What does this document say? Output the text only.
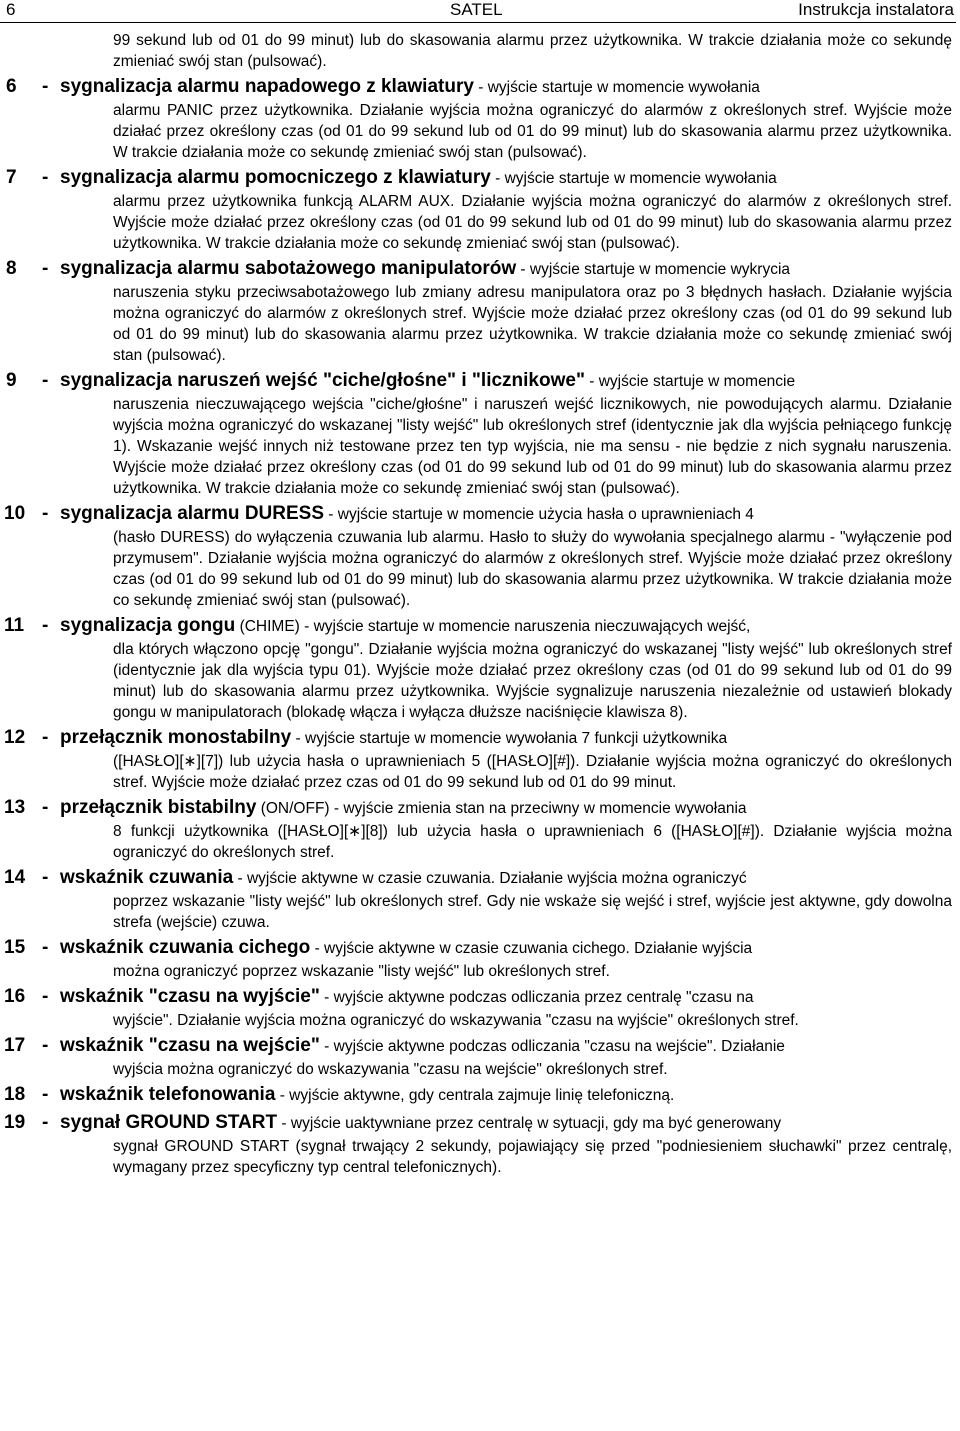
6	SATEL	Instrukcja instalatora
99 sekund lub od 01 do 99 minut) lub do skasowania alarmu przez użytkownika. W trakcie działania może co sekundę zmieniać swój stan (pulsować).
6	- sygnalizacja alarmu napadowego z klawiatury - wyjście startuje w momencie wywołania
alarmu PANIC przez użytkownika. Działanie wyjścia można ograniczyć do alarmów z określonych stref. Wyjście może działać przez określony czas (od 01 do 99 sekund lub od 01 do 99 minut) lub do skasowania alarmu przez użytkownika. W trakcie działania może co sekundę zmieniać swój stan (pulsować).
7	- sygnalizacja alarmu pomocniczego z klawiatury - wyjście startuje w momencie wywołania
alarmu przez użytkownika funkcją ALARM AUX. Działanie wyjścia można ograniczyć do alarmów z określonych stref. Wyjście może działać przez określony czas (od 01 do 99 sekund lub od 01 do 99 minut) lub do skasowania alarmu przez użytkownika. W trakcie działania może co sekundę zmieniać swój stan (pulsować).
8	- sygnalizacja alarmu sabotażowego manipulatorów - wyjście startuje w momencie wykrycia
naruszenia styku przeciwsabotażowego lub zmiany adresu manipulatora oraz po 3 błędnych hasłach. Działanie wyjścia można ograniczyć do alarmów z określonych stref. Wyjście może działać przez określony czas (od 01 do 99 sekund lub od 01 do 99 minut) lub do skasowania alarmu przez użytkownika. W trakcie działania może co sekundę zmieniać swój stan (pulsować).
9	- sygnalizacja naruszeń wejść "ciche/głośne" i "licznikowe" - wyjście startuje w momencie
naruszenia nieczuwającego wejścia "ciche/głośne" i naruszeń wejść licznikowych, nie powodujących alarmu. Działanie wyjścia można ograniczyć do wskazanej "listy wejść" lub określonych stref (identycznie jak dla wyjścia pełniącego funkcję 1). Wskazanie wejść innych niż testowane przez ten typ wyjścia, nie ma sensu - nie będzie z nich sygnału naruszenia. Wyjście może działać przez określony czas (od 01 do 99 sekund lub od 01 do 99 minut) lub do skasowania alarmu przez użytkownika. W trakcie działania może co sekundę zmieniać swój stan (pulsować).
10 - sygnalizacja alarmu DURESS - wyjście startuje w momencie użycia hasła o uprawnieniach 4
(hasło DURESS) do wyłączenia czuwania lub alarmu. Hasło to służy do wywołania specjalnego alarmu - "wyłączenie pod przymusem". Działanie wyjścia można ograniczyć do alarmów z określonych stref. Wyjście może działać przez określony czas (od 01 do 99 sekund lub od 01 do 99 minut) lub do skasowania alarmu przez użytkownika. W trakcie działania może co sekundę zmieniać swój stan (pulsować).
11 - sygnalizacja gongu (CHIME) - wyjście startuje w momencie naruszenia nieczuwających wejść,
dla których włączono opcję "gongu". Działanie wyjścia można ograniczyć do wskazanej "listy wejść" lub określonych stref (identycznie jak dla wyjścia typu 01). Wyjście może działać przez określony czas (od 01 do 99 sekund lub od 01 do 99 minut) lub do skasowania alarmu przez użytkownika. Wyjście sygnalizuje naruszenia niezależnie od ustawień blokady gongu w manipulatorach (blokadę włącza i wyłącza dłuższe naciśnięcie klawisza 8).
12 - przełącznik monostabilny - wyjście startuje w momencie wywołania 7 funkcji użytkownika
([HASŁO][∗][7]) lub użycia hasła o uprawnieniach 5 ([HASŁO][#]). Działanie wyjścia można ograniczyć do określonych stref. Wyjście może działać przez czas od 01 do 99 sekund lub od 01 do 99 minut.
13 - przełącznik bistabilny (ON/OFF) - wyjście zmienia stan na przeciwny w momencie wywołania
8 funkcji użytkownika ([HASŁO][∗][8]) lub użycia hasła o uprawnieniach 6 ([HASŁO][#]). Działanie wyjścia można ograniczyć do określonych stref.
14 - wskaźnik czuwania - wyjście aktywne w czasie czuwania. Działanie wyjścia można ograniczyć
poprzez wskazanie "listy wejść" lub określonych stref. Gdy nie wskaże się wejść i stref, wyjście jest aktywne, gdy dowolna strefa (wejście) czuwa.
15 - wskaźnik czuwania cichego - wyjście aktywne w czasie czuwania cichego. Działanie wyjścia
można ograniczyć poprzez wskazanie "listy wejść" lub określonych stref.
16 - wskaźnik "czasu na wyjście" - wyjście aktywne podczas odliczania przez centralę "czasu na
wyjście". Działanie wyjścia można ograniczyć do wskazywania "czasu na wyjście" określonych stref.
17 - wskaźnik "czasu na wejście" - wyjście aktywne podczas odliczania "czasu na wejście". Działanie
wyjścia można ograniczyć do wskazywania "czasu na wejście" określonych stref.
18 - wskaźnik telefonowania - wyjście aktywne, gdy centrala zajmuje linię telefoniczną.
19 - sygnał GROUND START - wyjście uaktywniane przez centralę w sytuacji, gdy ma być generowany
sygnał GROUND START (sygnał trwający 2 sekundy, pojawiający się przed "podniesieniem słuchawki" przez centralę, wymagany przez specyficzny typ central telefonicznych).
